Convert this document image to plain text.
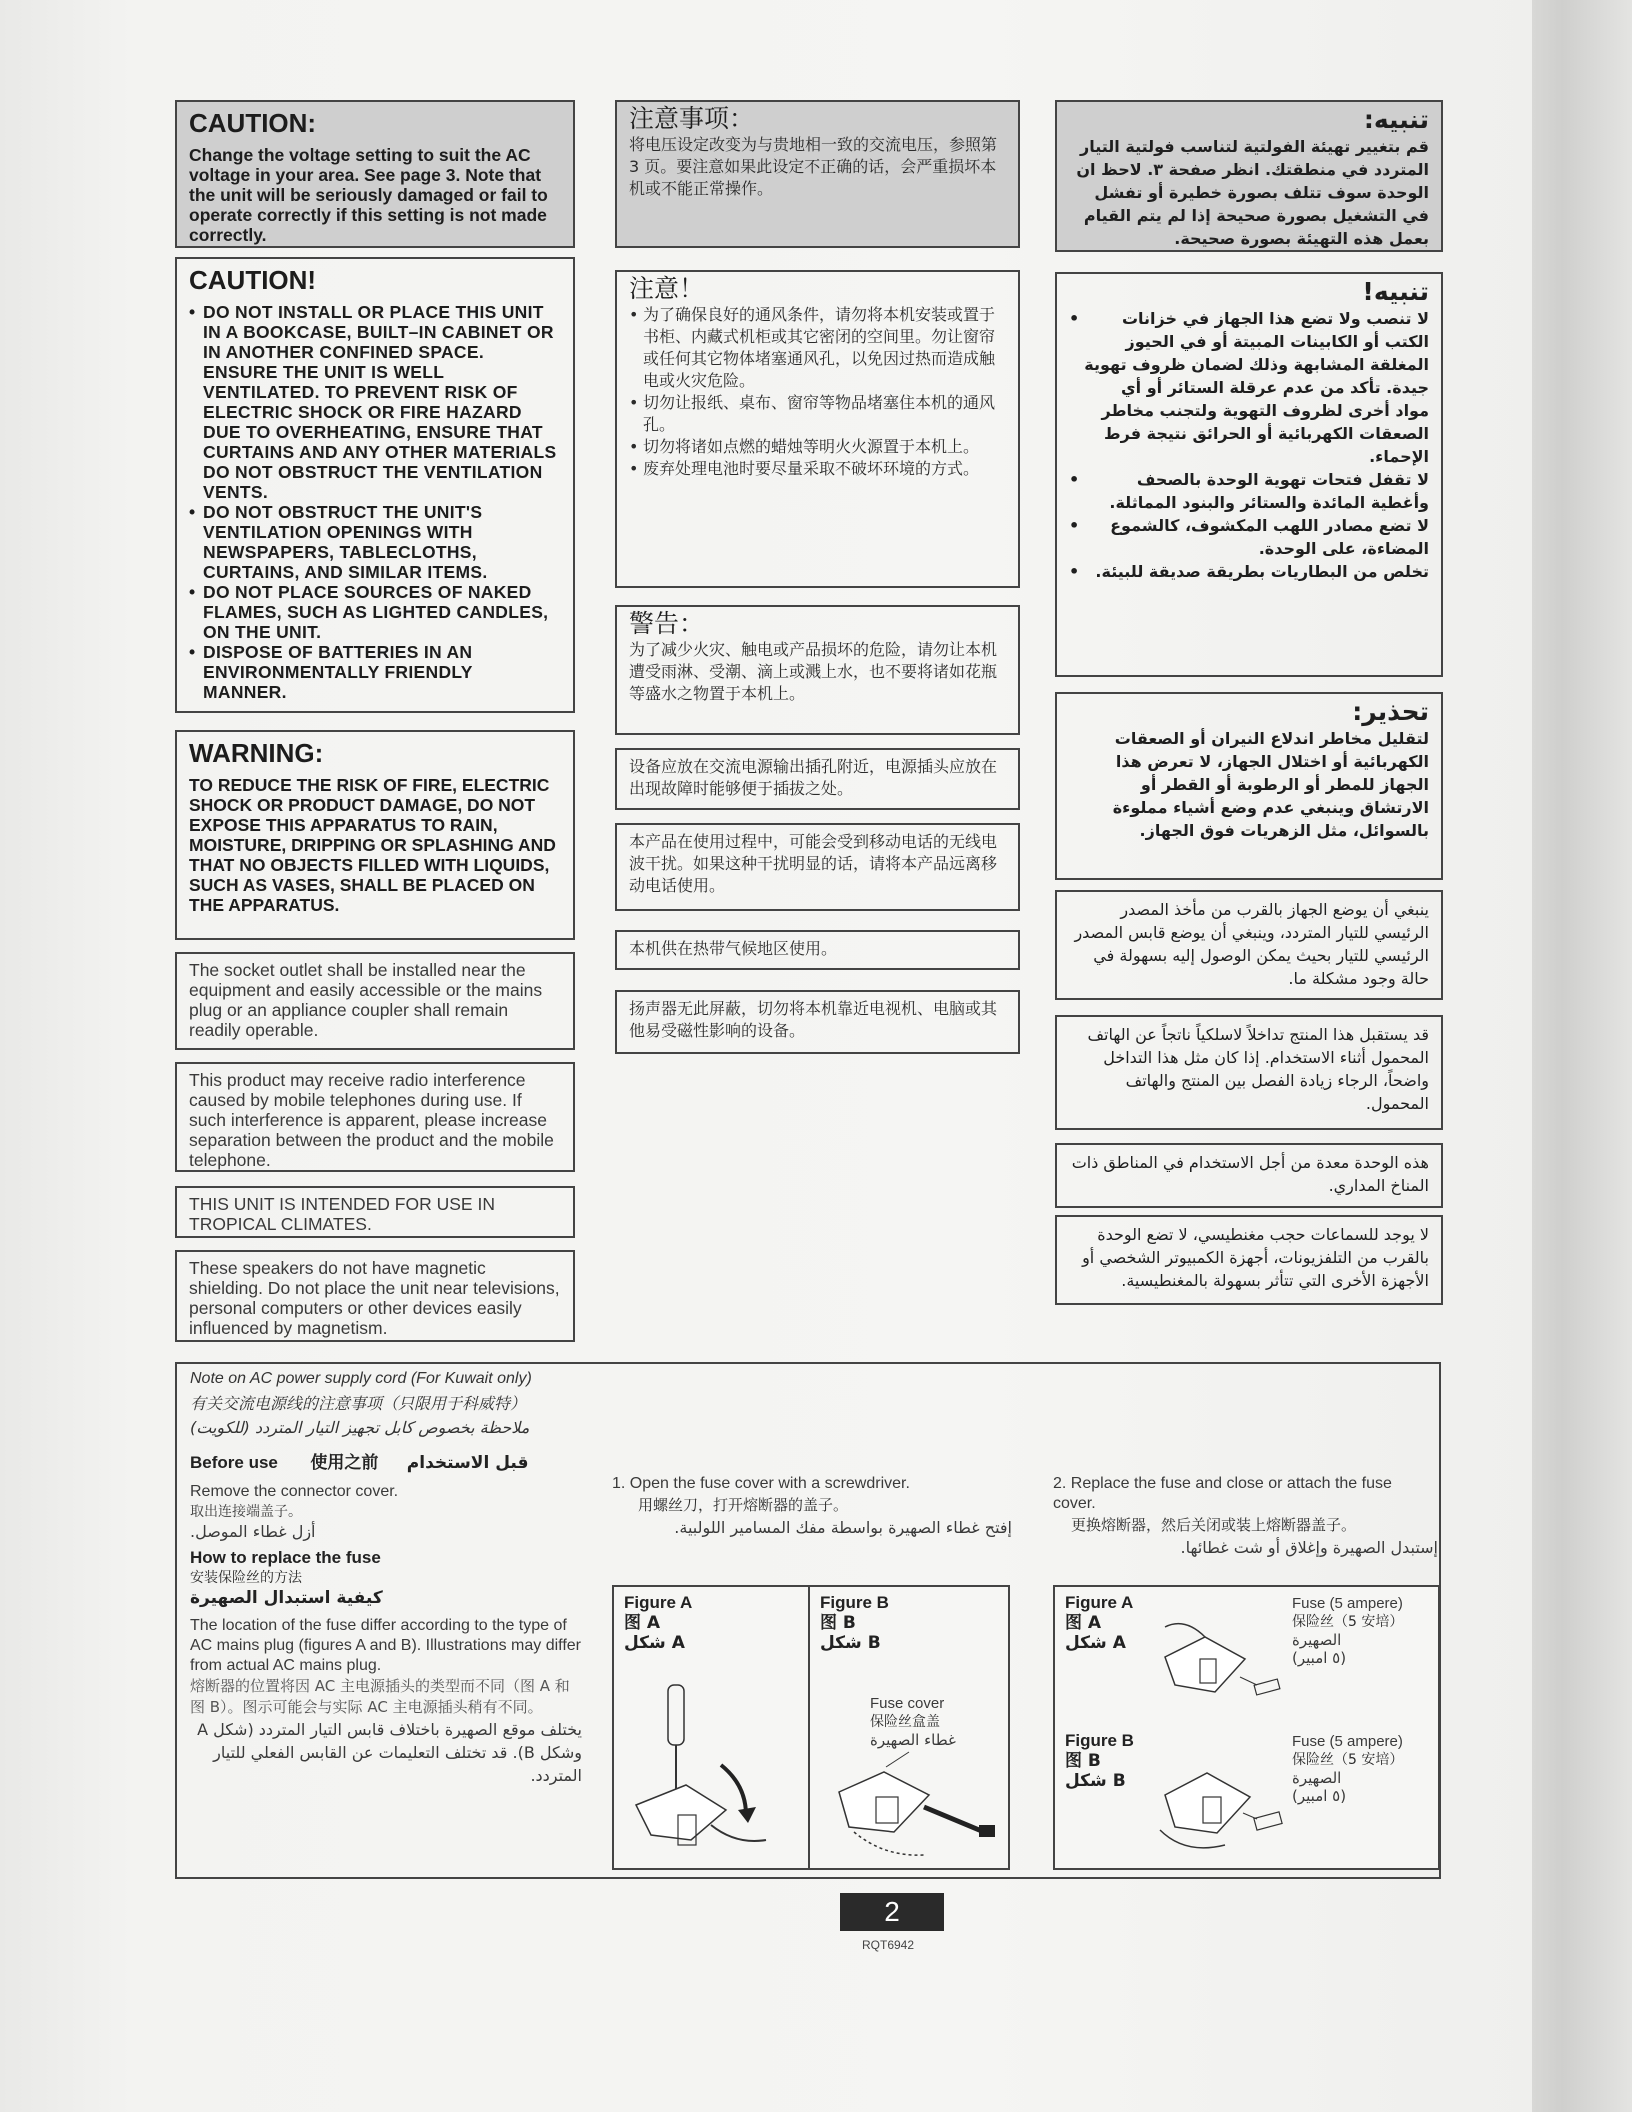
CAUTION:
Change the voltage setting to suit the AC voltage in your area. See page 3. Note that the unit will be seriously damaged or fail to operate correctly if this setting is not made correctly.
CAUTION!
• DO NOT INSTALL OR PLACE THIS UNIT IN A BOOKCASE, BUILT–IN CABINET OR IN ANOTHER CONFINED SPACE. ENSURE THE UNIT IS WELL VENTILATED. TO PREVENT RISK OF ELECTRIC SHOCK OR FIRE HAZARD DUE TO OVERHEATING, ENSURE THAT CURTAINS AND ANY OTHER MATERIALS DO NOT OBSTRUCT THE VENTILATION VENTS.
• DO NOT OBSTRUCT THE UNIT'S VENTILATION OPENINGS WITH NEWSPAPERS, TABLECLOTHS, CURTAINS, AND SIMILAR ITEMS.
• DO NOT PLACE SOURCES OF NAKED FLAMES, SUCH AS LIGHTED CANDLES, ON THE UNIT.
• DISPOSE OF BATTERIES IN AN ENVIRONMENTALLY FRIENDLY MANNER.
WARNING:
TO REDUCE THE RISK OF FIRE, ELECTRIC SHOCK OR PRODUCT DAMAGE, DO NOT EXPOSE THIS APPARATUS TO RAIN, MOISTURE, DRIPPING OR SPLASHING AND THAT NO OBJECTS FILLED WITH LIQUIDS, SUCH AS VASES, SHALL BE PLACED ON THE APPARATUS.
The socket outlet shall be installed near the equipment and easily accessible or the mains plug or an appliance coupler shall remain readily operable.
This product may receive radio interference caused by mobile telephones during use. If such interference is apparent, please increase separation between the product and the mobile telephone.
THIS UNIT IS INTENDED FOR USE IN TROPICAL CLIMATES.
These speakers do not have magnetic shielding. Do not place the unit near televisions, personal computers or other devices easily influenced by magnetism.
注意事项：
将电压设定改变为与贵地相一致的交流电压，参照第 3 页。要注意如果此设定不正确的话，会严重损坏本机或不能正常操作。
注意！
• 为了确保良好的通风条件，请勿将本机安装或置于书柜、内藏式机柜或其它密闭的空间里。勿让窗帘或任何其它物体堵塞通风孔，以免因过热而造成触电或火灾危险。
• 切勿让报纸、桌布、窗帘等物品堵塞住本机的通风孔。
• 切勿将诸如点燃的蜡烛等明火火源置于本机上。
• 废弃处理电池时要尽量采取不破坏环境的方式。
警告：
为了减少火灾、触电或产品损坏的危险，请勿让本机遭受雨淋、受潮、滴上或溅上水，也不要将诸如花瓶等盛水之物置于本机上。
设备应放在交流电源输出插孔附近，电源插头应放在出现故障时能够便于插拔之处。
本产品在使用过程中，可能会受到移动电话的无线电波干扰。如果这种干扰明显的话，请将本产品远离移动电话使用。
本机供在热带气候地区使用。
扬声器无此屏蔽，切勿将本机靠近电视机、电脑或其他易受磁性影响的设备。
تنبيه:
قم بتغيير تهيئة الفولتية لتناسب فولتية التيار المتردد في منطقتك. انظر صفحة ٣. لاحظ ان الوحدة سوف تتلف بصورة خطيرة أو تفشل في التشغيل بصورة صحيحة إذا لم يتم القيام بعمل هذه التهيئة بصورة صحيحة.
تنبيه!
• لا تنصب ولا تضع هذا الجهاز في خزانات الكتب أو الكابينات المبيتة أو في الحيوز المغلقة المشابهة وذلك لضمان ظروف تهوية جيدة. تأكد من عدم عرقلة الستائر أو أي مواد أخرى لظروف التهوية ولتجنب مخاطر الصعقات الكهربائية أو الحرائق نتيجة فرط الإحماء.
• لا تقفل فتحات تهوية الوحدة بالصحف وأغطية المائدة والستائر والبنود المماثلة.
• لا تضع مصادر اللهب المكشوف، كالشموع المضاءة، على الوحدة.
• تخلص من البطاريات بطريقة صديقة للبيئة.
تحذير:
لتقليل مخاطر اندلاع النيران أو الصعقات الكهربائية أو اختلال الجهاز، لا تعرض هذا الجهاز للمطر أو الرطوبة أو القطر أو الارتشاق وينبغي عدم وضع أشياء مملوءة بالسوائل، مثل الزهريات فوق الجهاز.
ينبغي أن يوضع الجهاز بالقرب من مأخذ المصدر الرئيسي للتيار المتردد، وينبغي أن يوضع قابس المصدر الرئيسي للتيار بحيث يمكن الوصول إليه بسهولة في حالة وجود مشكلة ما.
قد يستقبل هذا المنتج تداخلاً لاسلكياً ناتجاً عن الهاتف المحمول أثناء الاستخدام. إذا كان مثل هذا التداخل واضحاً، الرجاء زيادة الفصل بين المنتج والهاتف المحمول.
هذه الوحدة معدة من أجل الاستخدام في المناطق ذات المناخ المداري.
لا يوجد للسماعات حجب مغنطيسي، لا تضع الوحدة بالقرب من التلفزيونات، أجهزة الكمبيوتر الشخصي أو الأجهزة الأخرى التي تتأثر بسهولة بالمغنطيسية.
Note on AC power supply cord (For Kuwait only)
有关交流电源线的注意事项（只限用于科威特）
ملاحظة بخصوص كابل تجهيز التيار المتردد (للكويت)
Before use 使用之前 قبل الاستخدام
Remove the connector cover.
取出连接端盖子。
أزل غطاء الموصل.
How to replace the fuse
安装保险丝的方法
كيفية استبدال الصهيرة
The location of the fuse differ according to the type of AC mains plug (figures A and B). Illustrations may differ from actual AC mains plug.
熔断器的位置将因 AC 主电源插头的类型而不同（图 A 和图 B）。图示可能会与实际 AC 主电源插头稍有不同。
يختلف موقع الصهيرة باختلاف قابس التيار المتردد (شكل A وشكل B). قد تختلف التعليمات عن القابس الفعلي للتيار المتردد.
1. Open the fuse cover with a screwdriver.
用螺丝刀，打开熔断器的盖子。
إفتح غطاء الصهيرة بواسطة مفك المسامير اللولبية.
2. Replace the fuse and close or attach the fuse cover.
更换熔断器，然后关闭或装上熔断器盖子。
إستبدل الصهيرة وإغلاق أو شت غطائها.
Figure A
图 A
شكل A
Figure B
图 B
شكل B
Fuse cover
保险丝盒盖
غطاء الصهيرة
Figure A
图 A
شكل A
Fuse (5 ampere)
保险丝（5 安培）
الصهيرة
(٥ امبير)
Figure B
图 B
شكل B
Fuse (5 ampere)
保险丝（5 安培）
الصهيرة
(٥ امبير)
2
RQT6942
